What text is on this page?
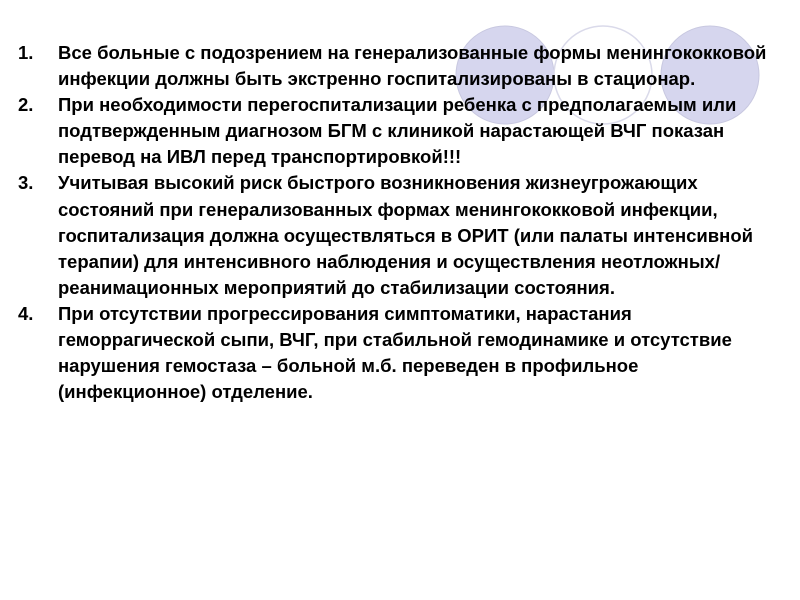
1.	Все больные с подозрением на генерализованные формы менингококковой инфекции должны быть экстренно госпитализированы в стационар.
2.	При необходимости перегоспитализации ребенка с предполагаемым или подтвержденным диагнозом БГМ с клиникой нарастающей ВЧГ показан перевод на ИВЛ перед транспортировкой!!!
3.	Учитывая высокий риск быстрого возникновения жизнеугрожающих состояний при генерализованных формах менингококковой инфекции, госпитализация должна осуществляться в ОРИТ (или палаты интенсивной терапии) для интенсивного наблюдения и осуществления неотложных/реанимационных мероприятий до стабилизации состояния.
4.	При отсутствии прогрессирования симптоматики, нарастания геморрагической сыпи, ВЧГ, при стабильной гемодинамике и отсутствие нарушения гемостаза – больной м.б. переведен в профильное (инфекционное) отделение.
